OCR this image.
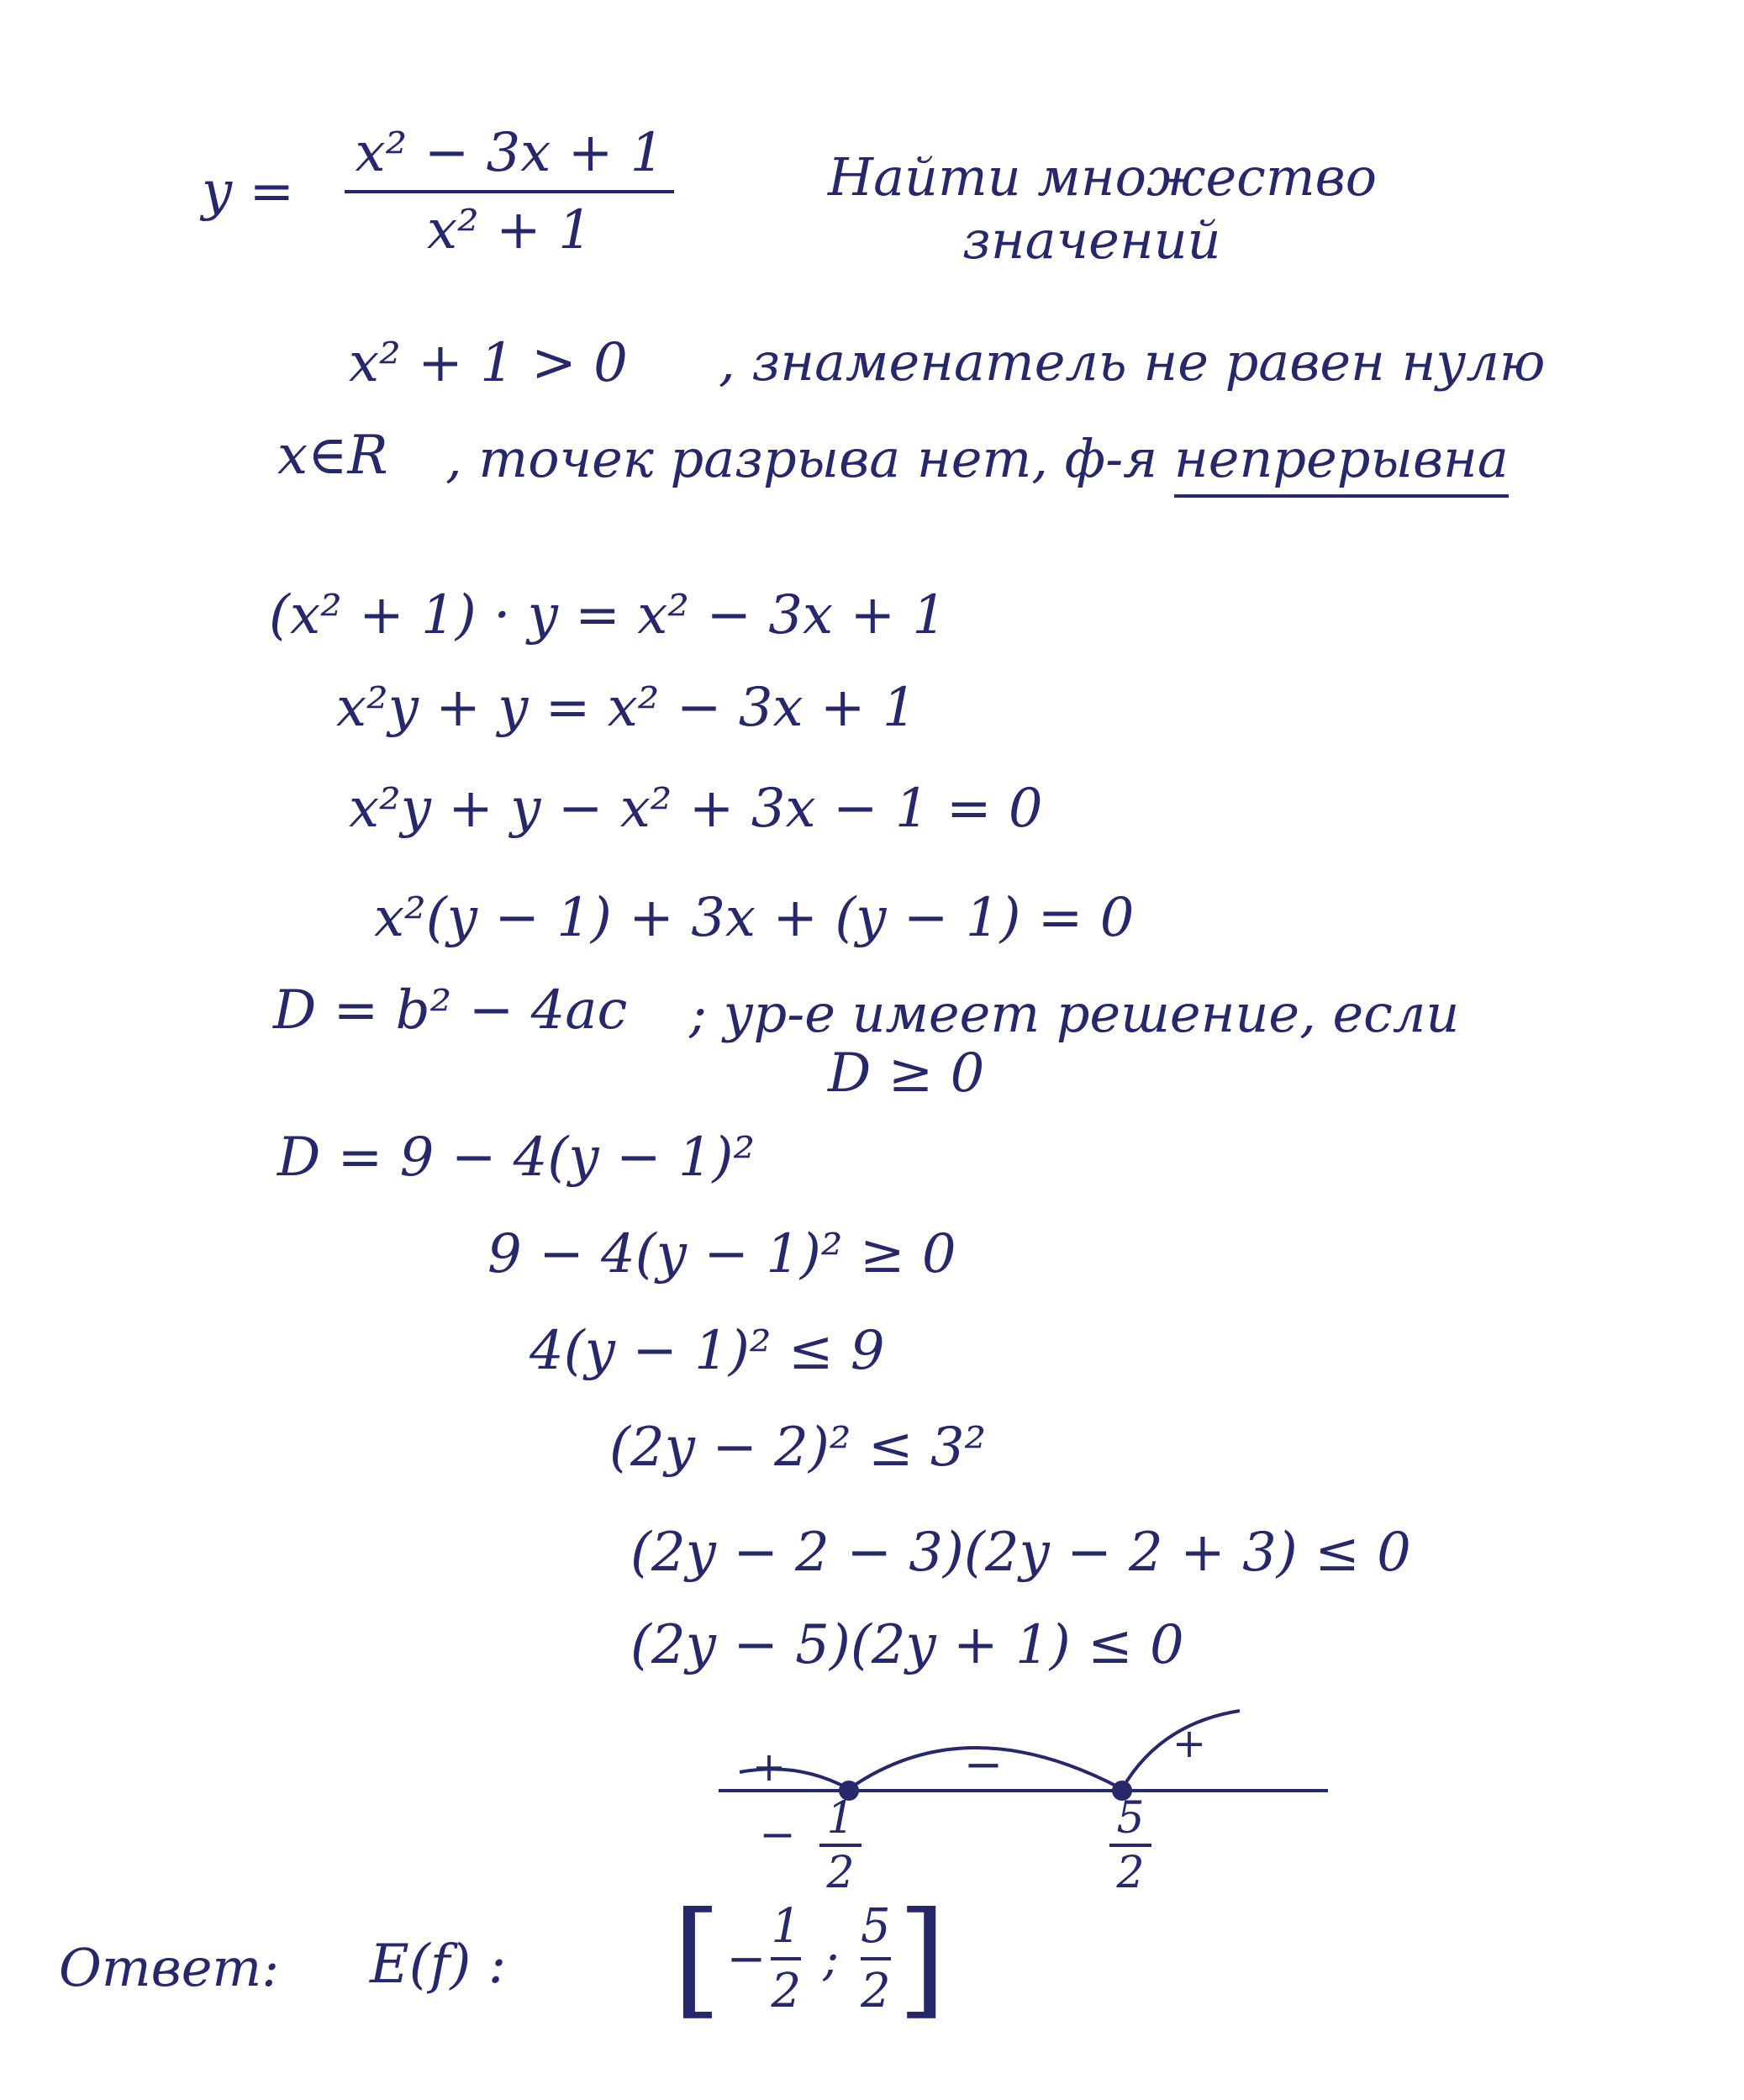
$y = \frac{\text{x² − 3x + 1}}{\text{x² + 1}}$	Найти множество
значений
x² + 1 > 0 , знаменатель не равен нулю
x∈R , точек разрыва нет, ф-я непрерывна
(x² + 1) · y = x² − 3x + 1
x²y + y = x² − 3x + 1
x²y + y − x² + 3x − 1 = 0
x²(y − 1) + 3x + (y − 1) = 0
D = b² − 4ac ; ур-е имеет решение, если
D ≥ 0
D = 9 − 4(y − 1)²
9 − 4(y − 1)² ≥ 0
4(y − 1)² ≤ 9
(2y − 2)² ≤ 3²
(2y − 2 − 3)(2y − 2 + 3) ≤ 0
(2y − 5)(2y + 1) ≤ 0
+	−	+
− 1
2
5
2
Ответ: E(f) : [ − $\frac{1}{2}$ ; $\frac{5}{2}$ ]
